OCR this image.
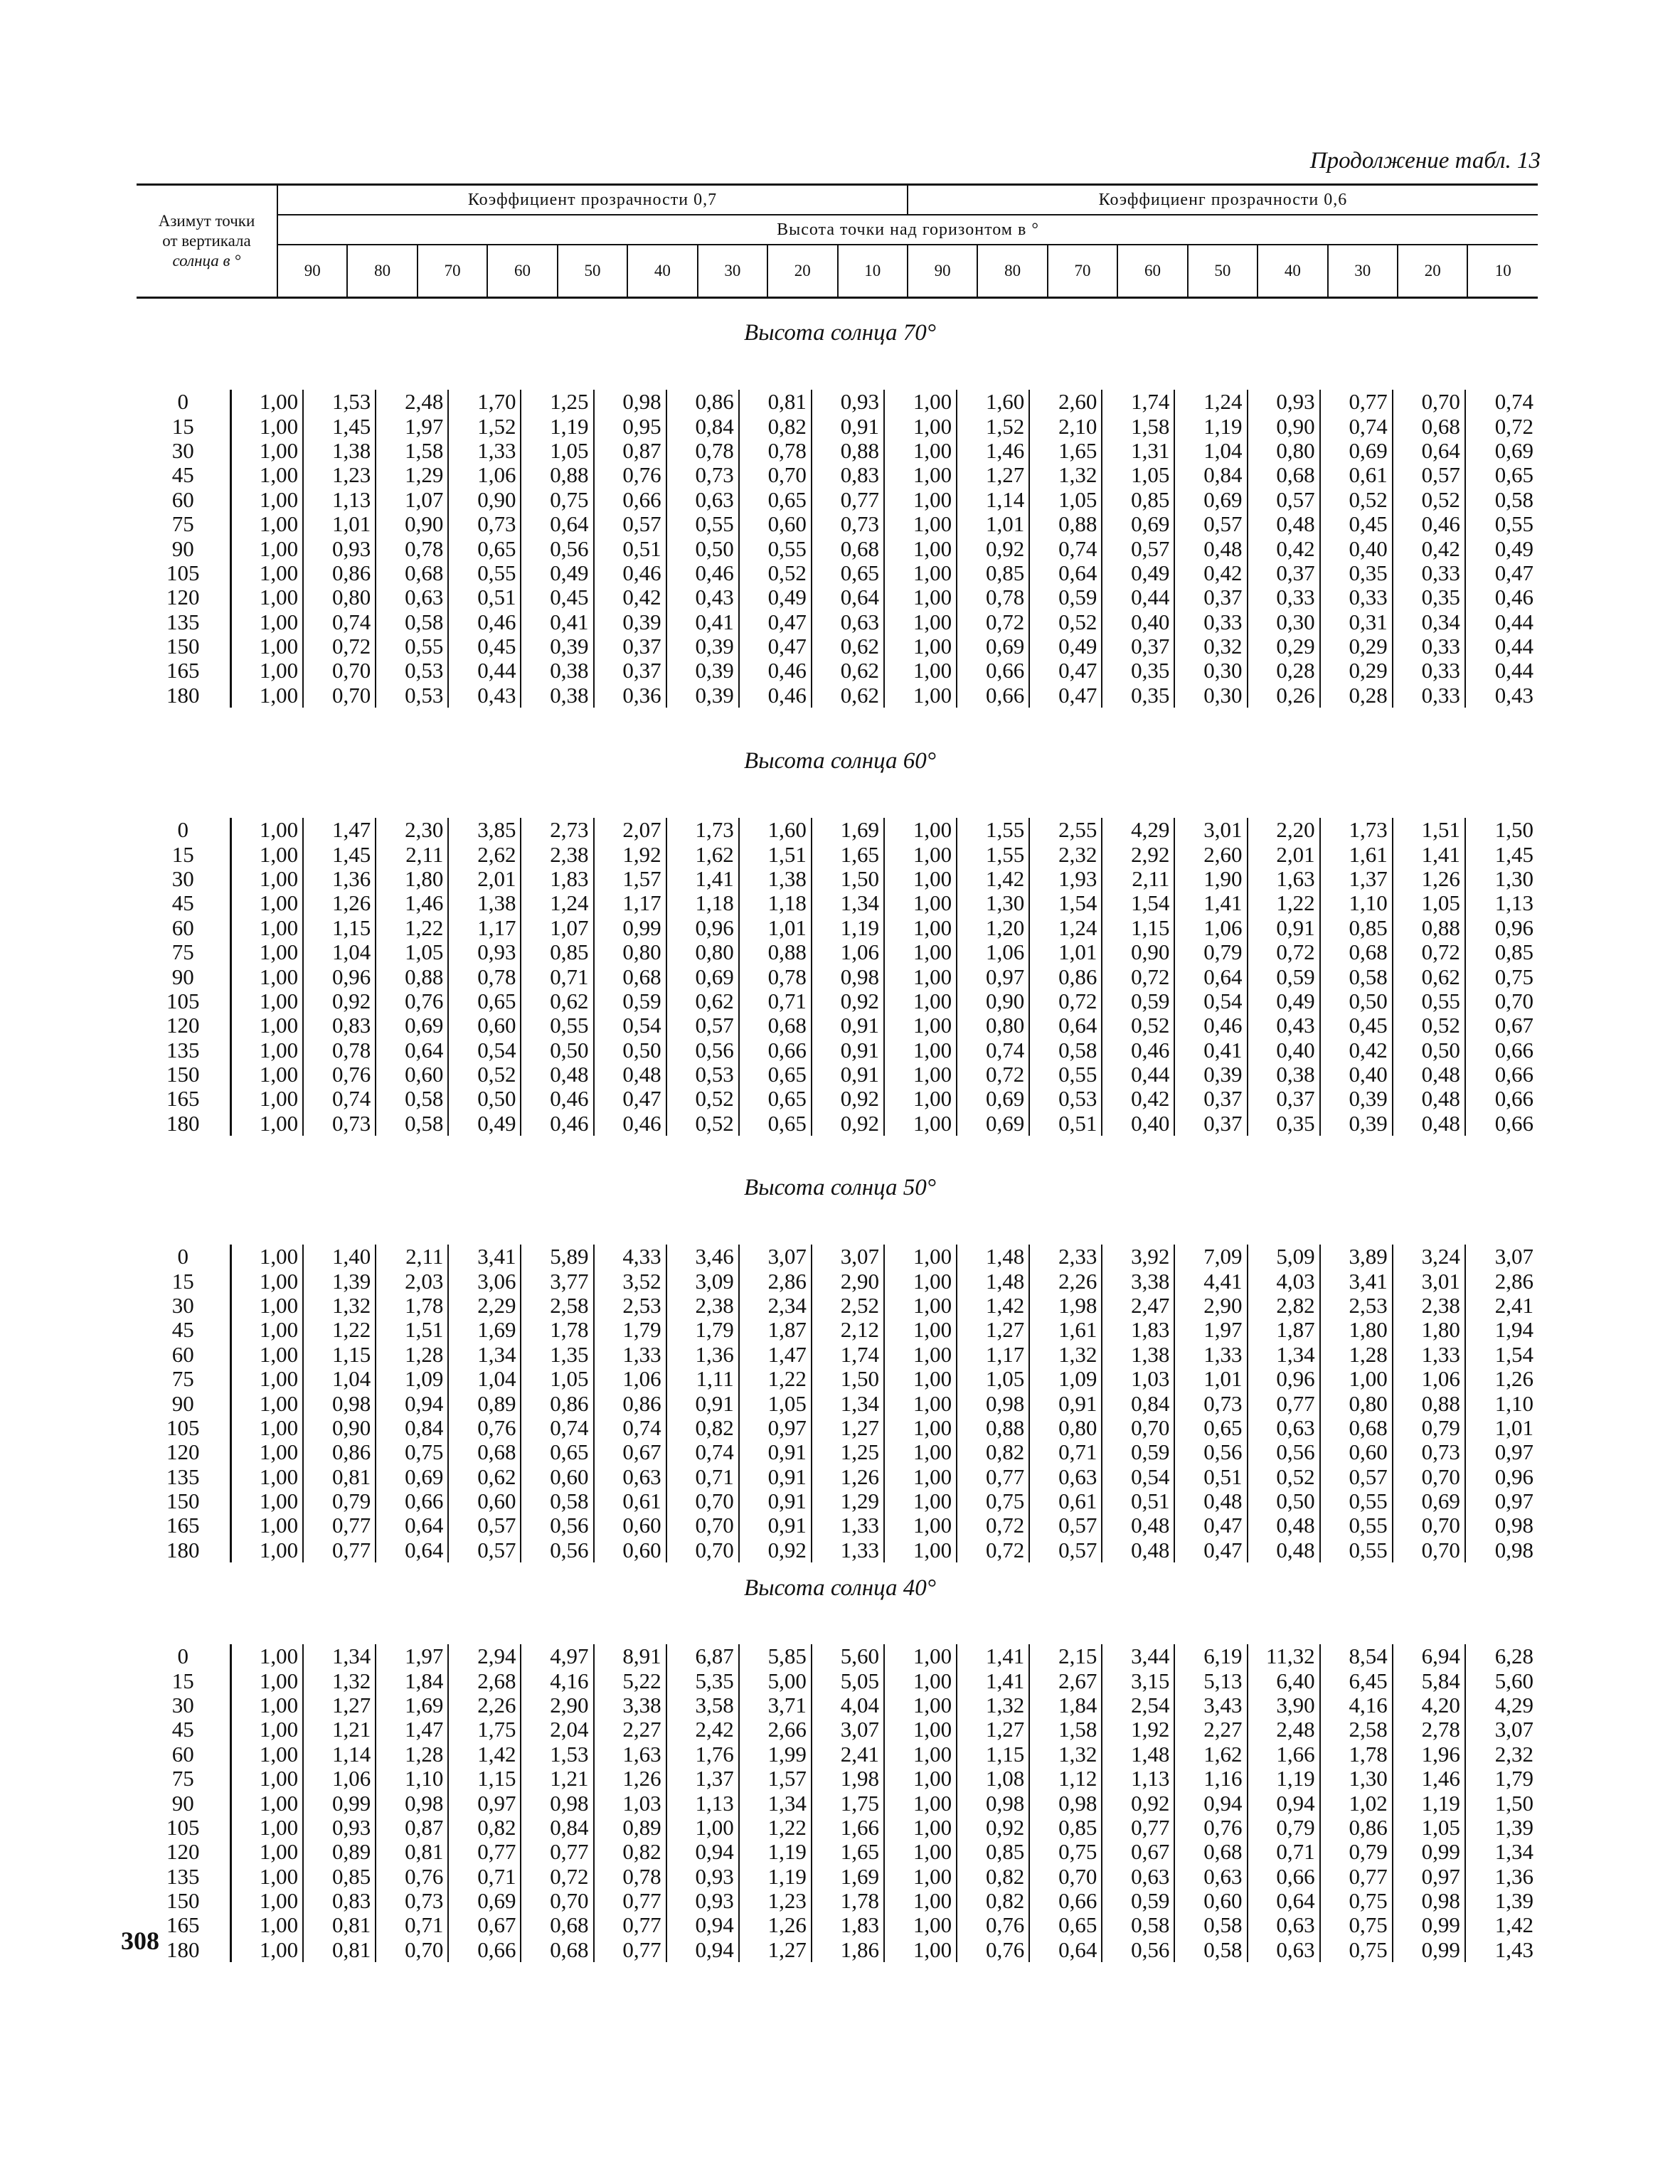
Продолжение табл. 13
Азимут точки
от вертикала
солнца в °	Коэффициент прозрачности 0,7									Коэффициенг прозрачности 0,6								
	Высота точки над горизонтом в °																	
	90	80	70	60	50	40	30	20	10	90	80	70	60	50	40	30	20	10
Высота солнца 70°
0	1,00	1,53	2,48	1,70	1,25	0,98	0,86	0,81	0,93	1,00	1,60	2,60	1,74	1,24	0,93	0,77	0,70	0,74
15	1,00	1,45	1,97	1,52	1,19	0,95	0,84	0,82	0,91	1,00	1,52	2,10	1,58	1,19	0,90	0,74	0,68	0,72
30	1,00	1,38	1,58	1,33	1,05	0,87	0,78	0,78	0,88	1,00	1,46	1,65	1,31	1,04	0,80	0,69	0,64	0,69
45	1,00	1,23	1,29	1,06	0,88	0,76	0,73	0,70	0,83	1,00	1,27	1,32	1,05	0,84	0,68	0,61	0,57	0,65
60	1,00	1,13	1,07	0,90	0,75	0,66	0,63	0,65	0,77	1,00	1,14	1,05	0,85	0,69	0,57	0,52	0,52	0,58
75	1,00	1,01	0,90	0,73	0,64	0,57	0,55	0,60	0,73	1,00	1,01	0,88	0,69	0,57	0,48	0,45	0,46	0,55
90	1,00	0,93	0,78	0,65	0,56	0,51	0,50	0,55	0,68	1,00	0,92	0,74	0,57	0,48	0,42	0,40	0,42	0,49
105	1,00	0,86	0,68	0,55	0,49	0,46	0,46	0,52	0,65	1,00	0,85	0,64	0,49	0,42	0,37	0,35	0,33	0,47
120	1,00	0,80	0,63	0,51	0,45	0,42	0,43	0,49	0,64	1,00	0,78	0,59	0,44	0,37	0,33	0,33	0,35	0,46
135	1,00	0,74	0,58	0,46	0,41	0,39	0,41	0,47	0,63	1,00	0,72	0,52	0,40	0,33	0,30	0,31	0,34	0,44
150	1,00	0,72	0,55	0,45	0,39	0,37	0,39	0,47	0,62	1,00	0,69	0,49	0,37	0,32	0,29	0,29	0,33	0,44
165	1,00	0,70	0,53	0,44	0,38	0,37	0,39	0,46	0,62	1,00	0,66	0,47	0,35	0,30	0,28	0,29	0,33	0,44
180	1,00	0,70	0,53	0,43	0,38	0,36	0,39	0,46	0,62	1,00	0,66	0,47	0,35	0,30	0,26	0,28	0,33	0,43
Высота солнца 60°
0	1,00	1,47	2,30	3,85	2,73	2,07	1,73	1,60	1,69	1,00	1,55	2,55	4,29	3,01	2,20	1,73	1,51	1,50
15	1,00	1,45	2,11	2,62	2,38	1,92	1,62	1,51	1,65	1,00	1,55	2,32	2,92	2,60	2,01	1,61	1,41	1,45
30	1,00	1,36	1,80	2,01	1,83	1,57	1,41	1,38	1,50	1,00	1,42	1,93	2,11	1,90	1,63	1,37	1,26	1,30
45	1,00	1,26	1,46	1,38	1,24	1,17	1,18	1,18	1,34	1,00	1,30	1,54	1,54	1,41	1,22	1,10	1,05	1,13
60	1,00	1,15	1,22	1,17	1,07	0,99	0,96	1,01	1,19	1,00	1,20	1,24	1,15	1,06	0,91	0,85	0,88	0,96
75	1,00	1,04	1,05	0,93	0,85	0,80	0,80	0,88	1,06	1,00	1,06	1,01	0,90	0,79	0,72	0,68	0,72	0,85
90	1,00	0,96	0,88	0,78	0,71	0,68	0,69	0,78	0,98	1,00	0,97	0,86	0,72	0,64	0,59	0,58	0,62	0,75
105	1,00	0,92	0,76	0,65	0,62	0,59	0,62	0,71	0,92	1,00	0,90	0,72	0,59	0,54	0,49	0,50	0,55	0,70
120	1,00	0,83	0,69	0,60	0,55	0,54	0,57	0,68	0,91	1,00	0,80	0,64	0,52	0,46	0,43	0,45	0,52	0,67
135	1,00	0,78	0,64	0,54	0,50	0,50	0,56	0,66	0,91	1,00	0,74	0,58	0,46	0,41	0,40	0,42	0,50	0,66
150	1,00	0,76	0,60	0,52	0,48	0,48	0,53	0,65	0,91	1,00	0,72	0,55	0,44	0,39	0,38	0,40	0,48	0,66
165	1,00	0,74	0,58	0,50	0,46	0,47	0,52	0,65	0,92	1,00	0,69	0,53	0,42	0,37	0,37	0,39	0,48	0,66
180	1,00	0,73	0,58	0,49	0,46	0,46	0,52	0,65	0,92	1,00	0,69	0,51	0,40	0,37	0,35	0,39	0,48	0,66
Высота солнца 50°
0	1,00	1,40	2,11	3,41	5,89	4,33	3,46	3,07	3,07	1,00	1,48	2,33	3,92	7,09	5,09	3,89	3,24	3,07
15	1,00	1,39	2,03	3,06	3,77	3,52	3,09	2,86	2,90	1,00	1,48	2,26	3,38	4,41	4,03	3,41	3,01	2,86
30	1,00	1,32	1,78	2,29	2,58	2,53	2,38	2,34	2,52	1,00	1,42	1,98	2,47	2,90	2,82	2,53	2,38	2,41
45	1,00	1,22	1,51	1,69	1,78	1,79	1,79	1,87	2,12	1,00	1,27	1,61	1,83	1,97	1,87	1,80	1,80	1,94
60	1,00	1,15	1,28	1,34	1,35	1,33	1,36	1,47	1,74	1,00	1,17	1,32	1,38	1,33	1,34	1,28	1,33	1,54
75	1,00	1,04	1,09	1,04	1,05	1,06	1,11	1,22	1,50	1,00	1,05	1,09	1,03	1,01	0,96	1,00	1,06	1,26
90	1,00	0,98	0,94	0,89	0,86	0,86	0,91	1,05	1,34	1,00	0,98	0,91	0,84	0,73	0,77	0,80	0,88	1,10
105	1,00	0,90	0,84	0,76	0,74	0,74	0,82	0,97	1,27	1,00	0,88	0,80	0,70	0,65	0,63	0,68	0,79	1,01
120	1,00	0,86	0,75	0,68	0,65	0,67	0,74	0,91	1,25	1,00	0,82	0,71	0,59	0,56	0,56	0,60	0,73	0,97
135	1,00	0,81	0,69	0,62	0,60	0,63	0,71	0,91	1,26	1,00	0,77	0,63	0,54	0,51	0,52	0,57	0,70	0,96
150	1,00	0,79	0,66	0,60	0,58	0,61	0,70	0,91	1,29	1,00	0,75	0,61	0,51	0,48	0,50	0,55	0,69	0,97
165	1,00	0,77	0,64	0,57	0,56	0,60	0,70	0,91	1,33	1,00	0,72	0,57	0,48	0,47	0,48	0,55	0,70	0,98
180	1,00	0,77	0,64	0,57	0,56	0,60	0,70	0,92	1,33	1,00	0,72	0,57	0,48	0,47	0,48	0,55	0,70	0,98
Высота солнца 40°
0	1,00	1,34	1,97	2,94	4,97	8,91	6,87	5,85	5,60	1,00	1,41	2,15	3,44	6,19	11,32	8,54	6,94	6,28
15	1,00	1,32	1,84	2,68	4,16	5,22	5,35	5,00	5,05	1,00	1,41	2,67	3,15	5,13	6,40	6,45	5,84	5,60
30	1,00	1,27	1,69	2,26	2,90	3,38	3,58	3,71	4,04	1,00	1,32	1,84	2,54	3,43	3,90	4,16	4,20	4,29
45	1,00	1,21	1,47	1,75	2,04	2,27	2,42	2,66	3,07	1,00	1,27	1,58	1,92	2,27	2,48	2,58	2,78	3,07
60	1,00	1,14	1,28	1,42	1,53	1,63	1,76	1,99	2,41	1,00	1,15	1,32	1,48	1,62	1,66	1,78	1,96	2,32
75	1,00	1,06	1,10	1,15	1,21	1,26	1,37	1,57	1,98	1,00	1,08	1,12	1,13	1,16	1,19	1,30	1,46	1,79
90	1,00	0,99	0,98	0,97	0,98	1,03	1,13	1,34	1,75	1,00	0,98	0,98	0,92	0,94	0,94	1,02	1,19	1,50
105	1,00	0,93	0,87	0,82	0,84	0,89	1,00	1,22	1,66	1,00	0,92	0,85	0,77	0,76	0,79	0,86	1,05	1,39
120	1,00	0,89	0,81	0,77	0,77	0,82	0,94	1,19	1,65	1,00	0,85	0,75	0,67	0,68	0,71	0,79	0,99	1,34
135	1,00	0,85	0,76	0,71	0,72	0,78	0,93	1,19	1,69	1,00	0,82	0,70	0,63	0,63	0,66	0,77	0,97	1,36
150	1,00	0,83	0,73	0,69	0,70	0,77	0,93	1,23	1,78	1,00	0,82	0,66	0,59	0,60	0,64	0,75	0,98	1,39
165	1,00	0,81	0,71	0,67	0,68	0,77	0,94	1,26	1,83	1,00	0,76	0,65	0,58	0,58	0,63	0,75	0,99	1,42
180	1,00	0,81	0,70	0,66	0,68	0,77	0,94	1,27	1,86	1,00	0,76	0,64	0,56	0,58	0,63	0,75	0,99	1,43
308
